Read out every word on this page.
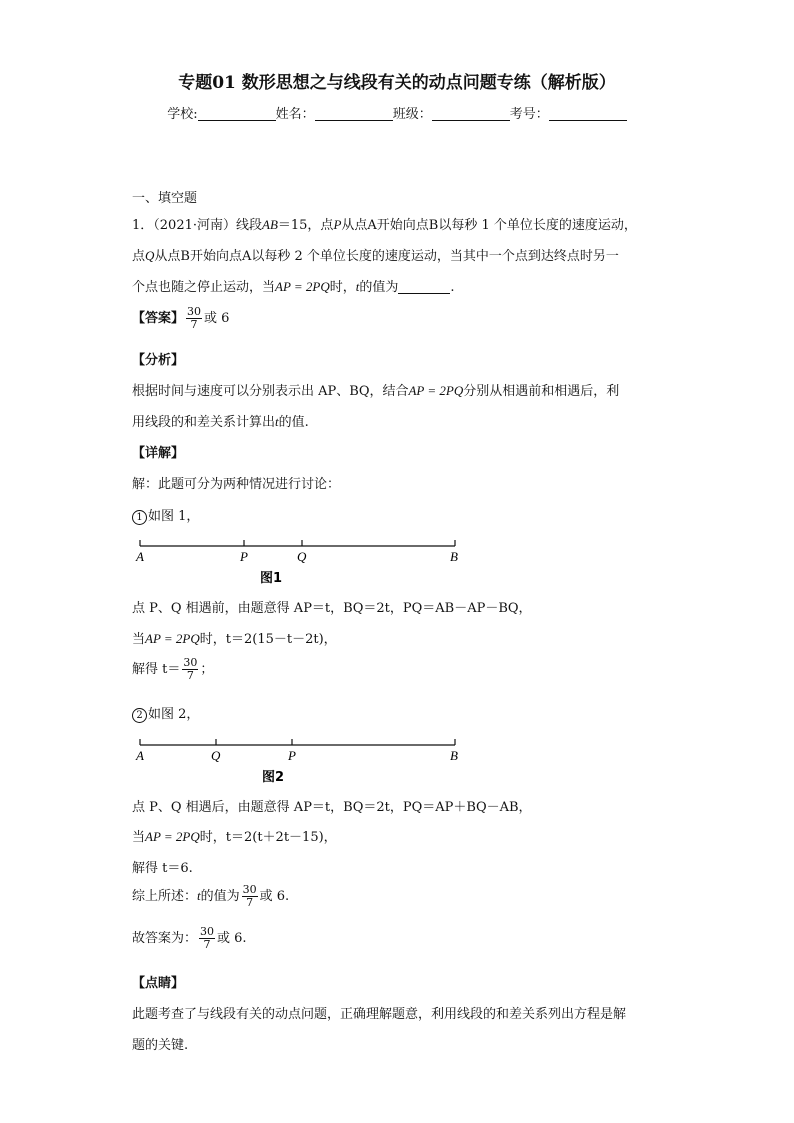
专题01 数形思想之与线段有关的动点问题专练（解析版）
学校:	姓名：	班级：	考号：
一、填空题
1．（2021·河南）线段AB＝15，点P从点A开始向点B以每秒 1 个单位长度的速度运动，
点Q从点B开始向点A以每秒 2 个单位长度的速度运动，当其中一个点到达终点时另一
个点也随之停止运动，当AP = 2PQ时，t的值为	.
【答案】 $\frac{30}{7}$ 或 6
【分析】
根据时间与速度可以分别表示出 AP、BQ，结合AP = 2PQ分别从相遇前和相遇后，利
用线段的和差关系计算出t的值.
【详解】
解：此题可分为两种情况进行讨论：
1 如图 1，
A	P	Q	B
图1
点 P、Q 相遇前，由题意得 AP＝t，BQ＝2t，PQ＝AB－AP－BQ，
当AP = 2PQ时，t＝2(15－t－2t)，
解得 $t= \frac{30}{7}$ ；
2 如图 2，
A	Q	P	B
图2
点 P、Q 相遇后，由题意得 AP＝t，BQ＝2t，PQ＝AP＋BQ－AB，
当AP = 2PQ时，t＝2(t＋2t－15)，
解得 t＝6.
综上所述：t的值为 $\frac{30}{7}$ 或 6.
故答案为： $\frac{30}{7}$ 或 6.
【点睛】
此题考查了与线段有关的动点问题，正确理解题意，利用线段的和差关系列出方程是解
题的关键.
